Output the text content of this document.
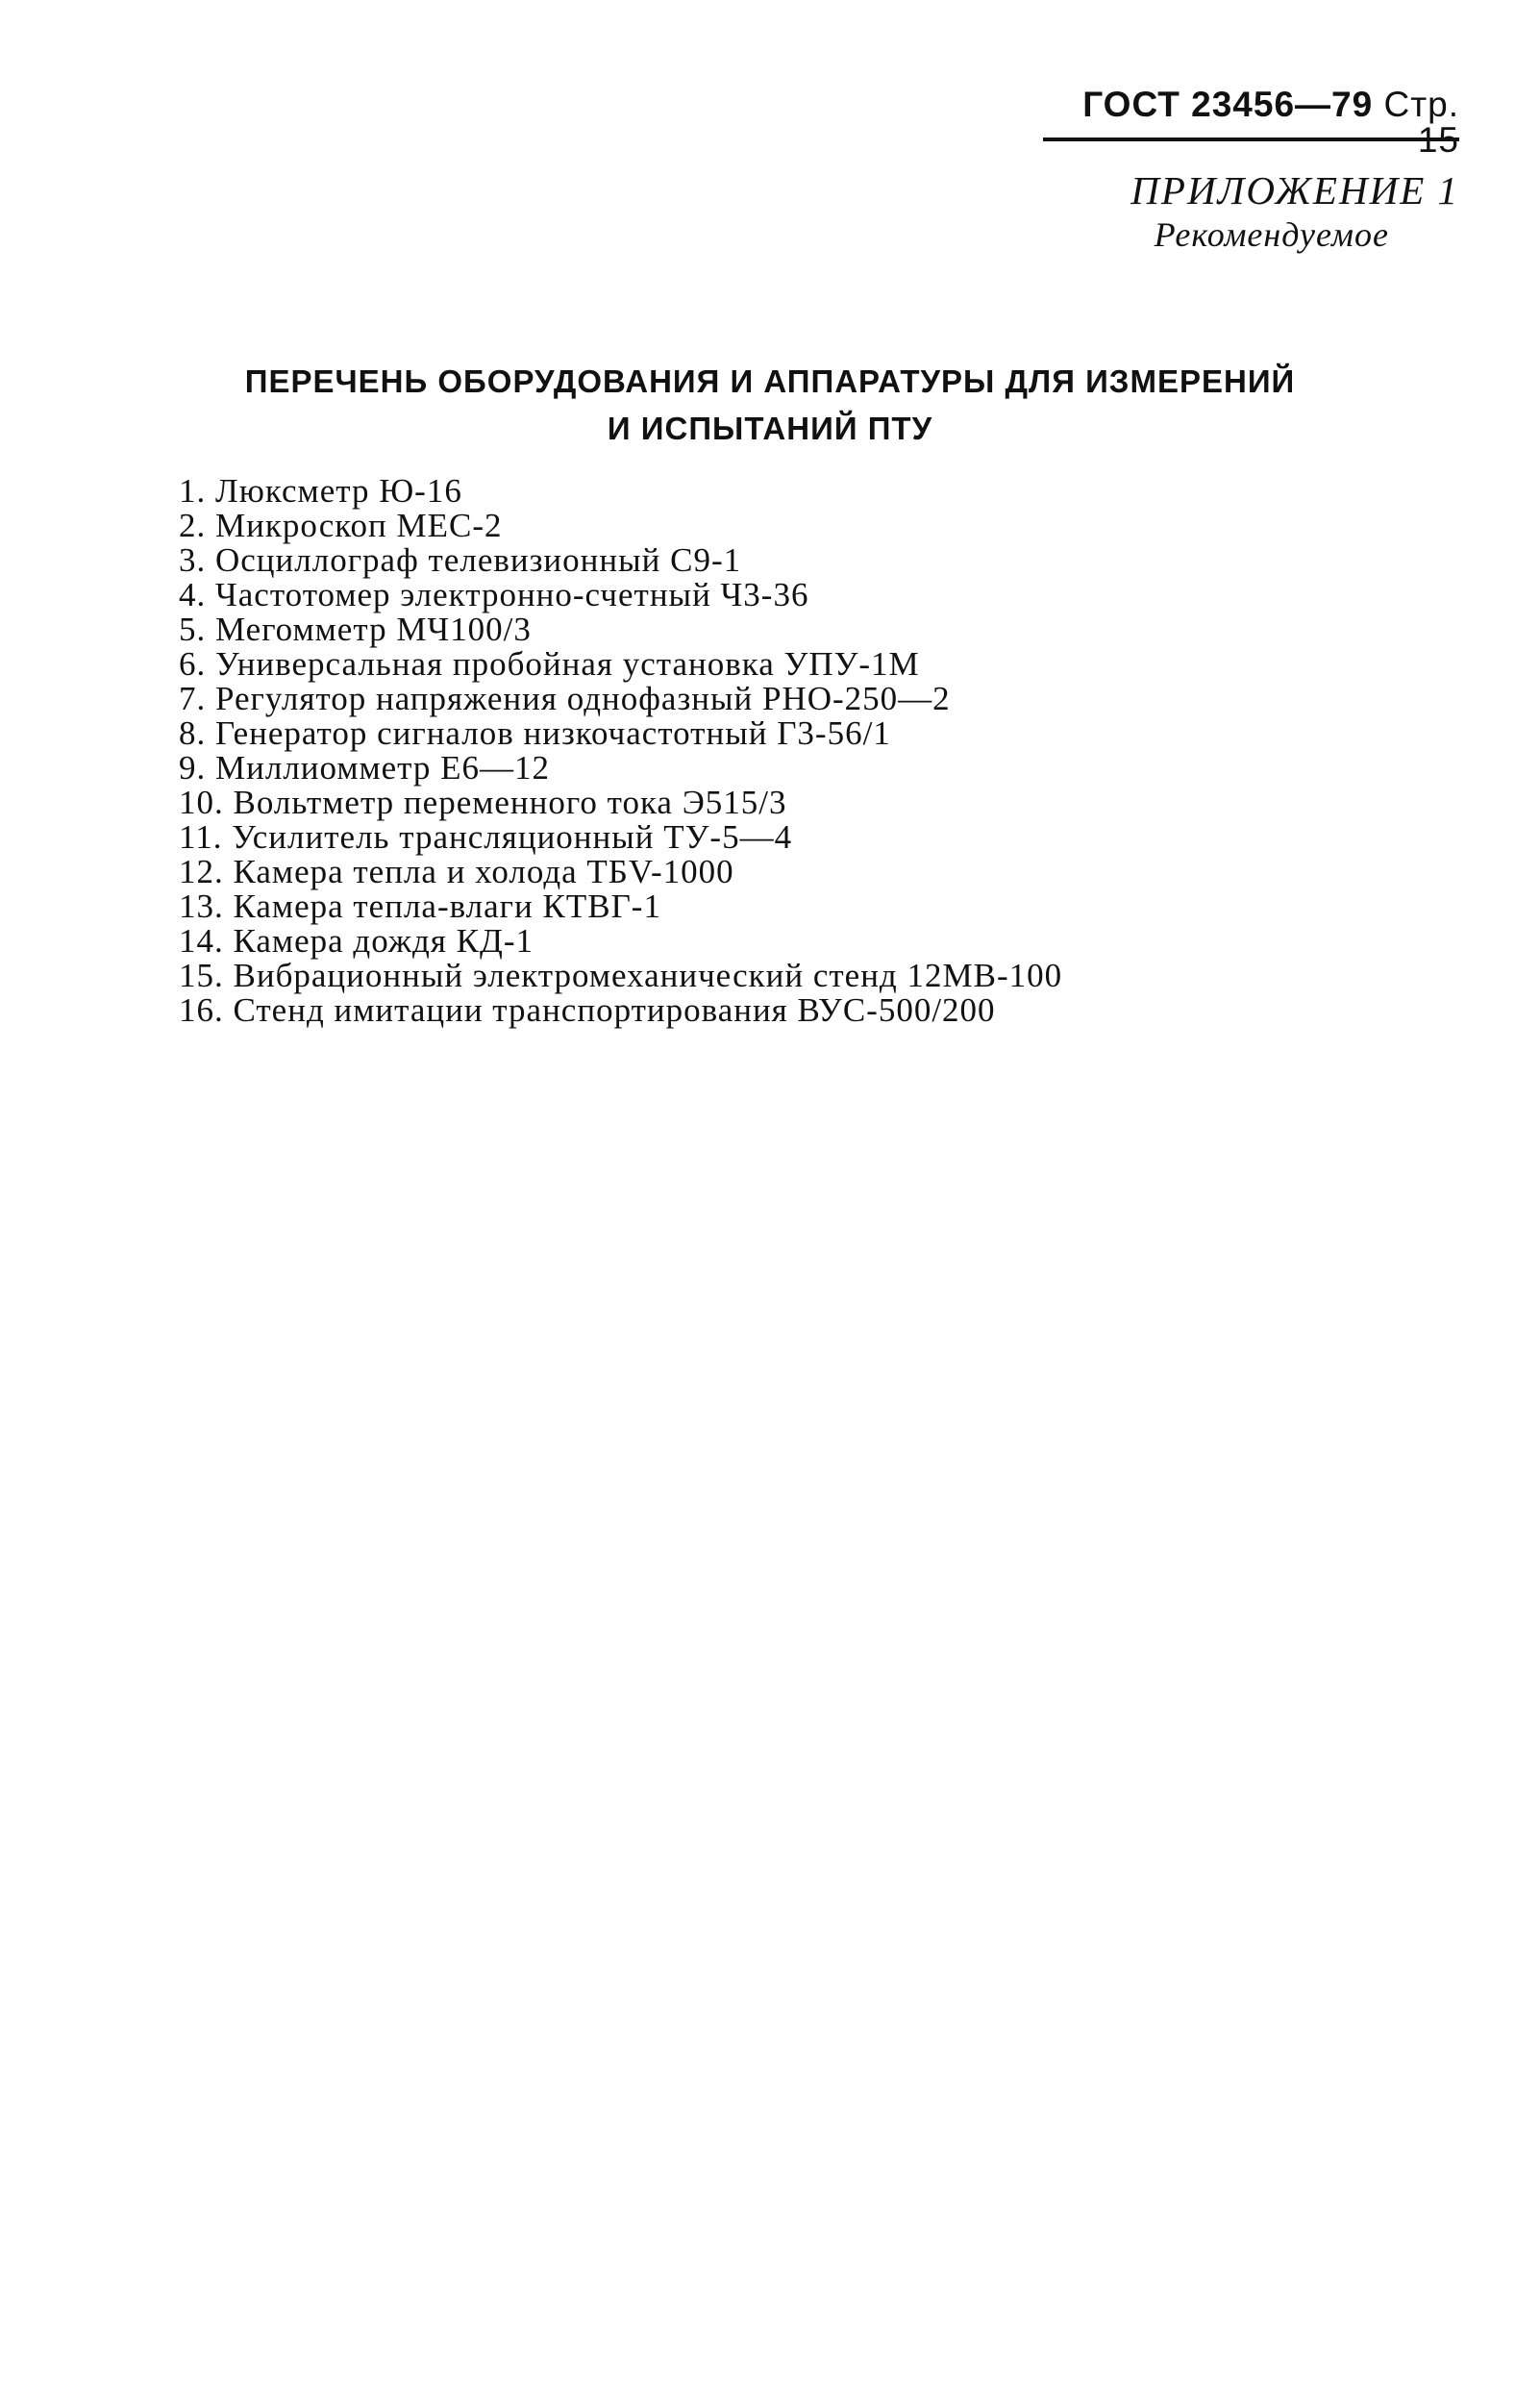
ГОСТ 23456—79 Стр. 15
ПРИЛОЖЕНИЕ 1
Рекомендуемое
ПЕРЕЧЕНЬ ОБОРУДОВАНИЯ И АППАРАТУРЫ ДЛЯ ИЗМЕРЕНИЙ
И ИСПЫТАНИЙ ПТУ
1. Люксметр Ю-16
2. Микроскоп МЕС-2
3. Осциллограф телевизионный С9-1
4. Частотомер электронно-счетный Ч3-36
5. Мегомметр МЧ100/3
6. Универсальная пробойная установка УПУ-1М
7. Регулятор напряжения однофазный РНО-250—2
8. Генератор сигналов низкочастотный Г3-56/1
9. Миллиомметр Е6—12
10. Вольтметр переменного тока Э515/3
11. Усилитель трансляционный ТУ-5—4
12. Камера тепла и холода ТБV-1000
13. Камера тепла-влаги КТВГ-1
14. Камера дождя КД-1
15. Вибрационный электромеханический стенд 12МВ-100
16. Стенд имитации транспортирования ВУС-500/200
